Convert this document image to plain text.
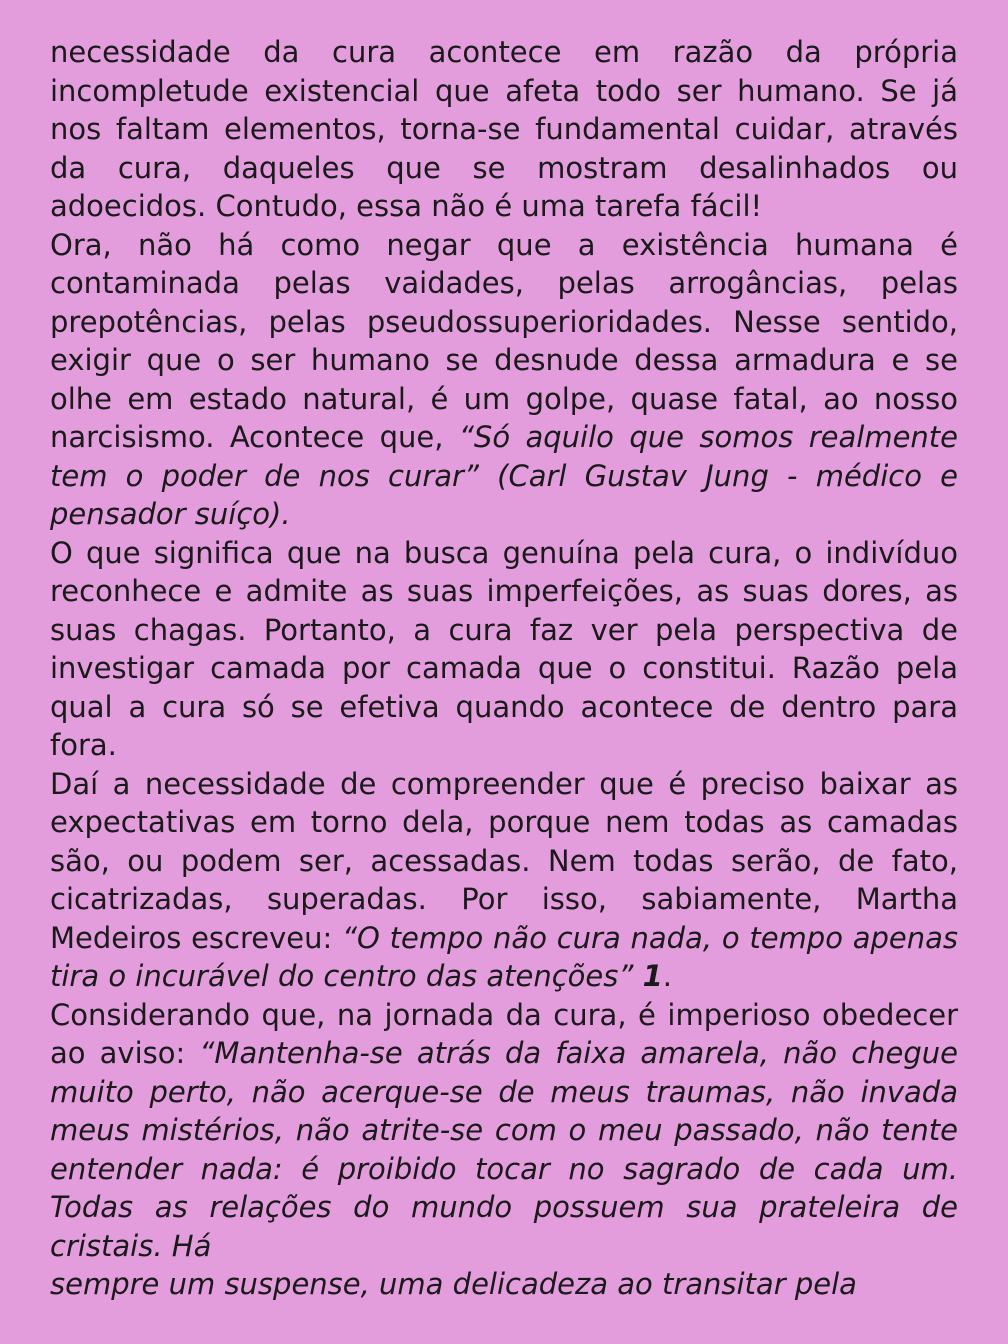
necessidade da cura acontece em razão da própria incompletude existencial que afeta todo ser humano. Se já nos faltam elementos, torna-se fundamental cuidar, através da cura, daqueles que se mostram desalinhados ou adoecidos. Contudo, essa não é uma tarefa fácil!

Ora, não há como negar que a existência humana é contaminada pelas vaidades, pelas arrogâncias, pelas prepotências, pelas pseudossuperioridades. Nesse sentido, exigir que o ser humano se desnude dessa armadura e se olhe em estado natural, é um golpe, quase fatal, ao nosso narcisismo. Acontece que, “Só aquilo que somos realmente tem o poder de nos curar” (Carl Gustav Jung - médico e pensador suíço).

O que significa que na busca genuína pela cura, o indivíduo reconhece e admite as suas imperfeições, as suas dores, as suas chagas. Portanto, a cura faz ver pela perspectiva de investigar camada por camada que o constitui. Razão pela qual a cura só se efetiva quando acontece de dentro para fora.

Daí a necessidade de compreender que é preciso baixar as expectativas em torno dela, porque nem todas as camadas são, ou podem ser, acessadas. Nem todas serão, de fato, cicatrizadas, superadas. Por isso, sabiamente, Martha Medeiros escreveu: “O tempo não cura nada, o tempo apenas tira o incurável do centro das atenções” 1.

Considerando que, na jornada da cura, é imperioso obedecer ao aviso: “Mantenha-se atrás da faixa amarela, não chegue muito perto, não acerque-se de meus traumas, não invada meus mistérios, não atrite-se com o meu passado, não tente entender nada: é proibido tocar no sagrado de cada um. Todas as relações do mundo possuem sua prateleira de cristais. Há

sempre um suspense, uma delicadeza ao transitar pela
